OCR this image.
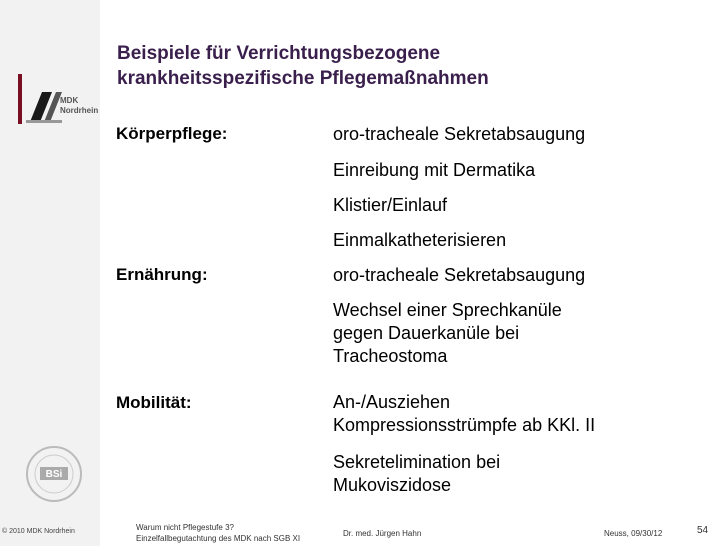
MDK
Nordrhein
BSi
© 2010 MDK Nordrhein
Beispiele für Verrichtungsbezogene
krankheitsspezifische Pflegemaßnahmen
Körperpflege:	oro-tracheale Sekretabsaugung
Einreibung mit Dermatika
Klistier/Einlauf
Einmalkatheterisieren
Ernährung:	oro-tracheale Sekretabsaugung
Wechsel einer Sprechkanüle
gegen Dauerkanüle bei
Tracheostoma
Mobilität:	An-/Ausziehen
Kompressionsstrümpfe ab KKl. II
Sekretelimination bei
Mukoviszidose
Warum nicht Pflegestufe 3?
Einzelfallbegutachtung des MDK nach SGB XI
Dr. med. Jürgen Hahn	Neuss, 09/30/12	54
